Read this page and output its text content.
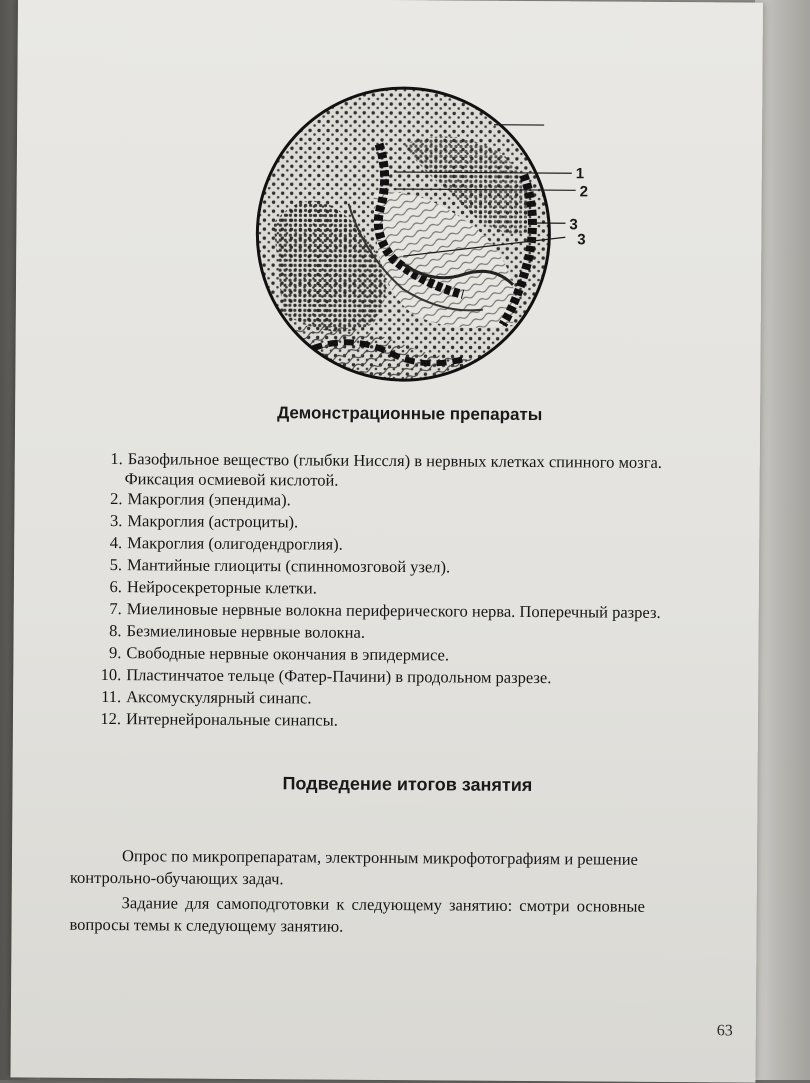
1
2
3
3
Демонстрационные препараты
1. Базофильное вещество (глыбки Ниссля) в нервных клетках спинного мозга.
Фиксация осмиевой кислотой.
2. Макроглия (эпендима).
3. Макроглия (астроциты).
4. Макроглия (олигодендроглия).
5. Мантийные глиоциты (спинномозговой узел).
6. Нейросекреторные клетки.
7. Миелиновые нервные волокна периферического нерва. Поперечный разрез.
8. Безмиелиновые нервные волокна.
9. Свободные нервные окончания в эпидермисе.
10. Пластинчатое тельце (Фатер-Пачини) в продольном разрезе.
11. Аксомускулярный синапс.
12. Интернейрональные синапсы.
Подведение итогов занятия
Опрос по микропрепаратам, электронным микрофотографиям и решение
контрольно-обучающих задач.
Задание для самоподготовки к следующему занятию: смотри основные
вопросы темы к следующему занятию.
63
